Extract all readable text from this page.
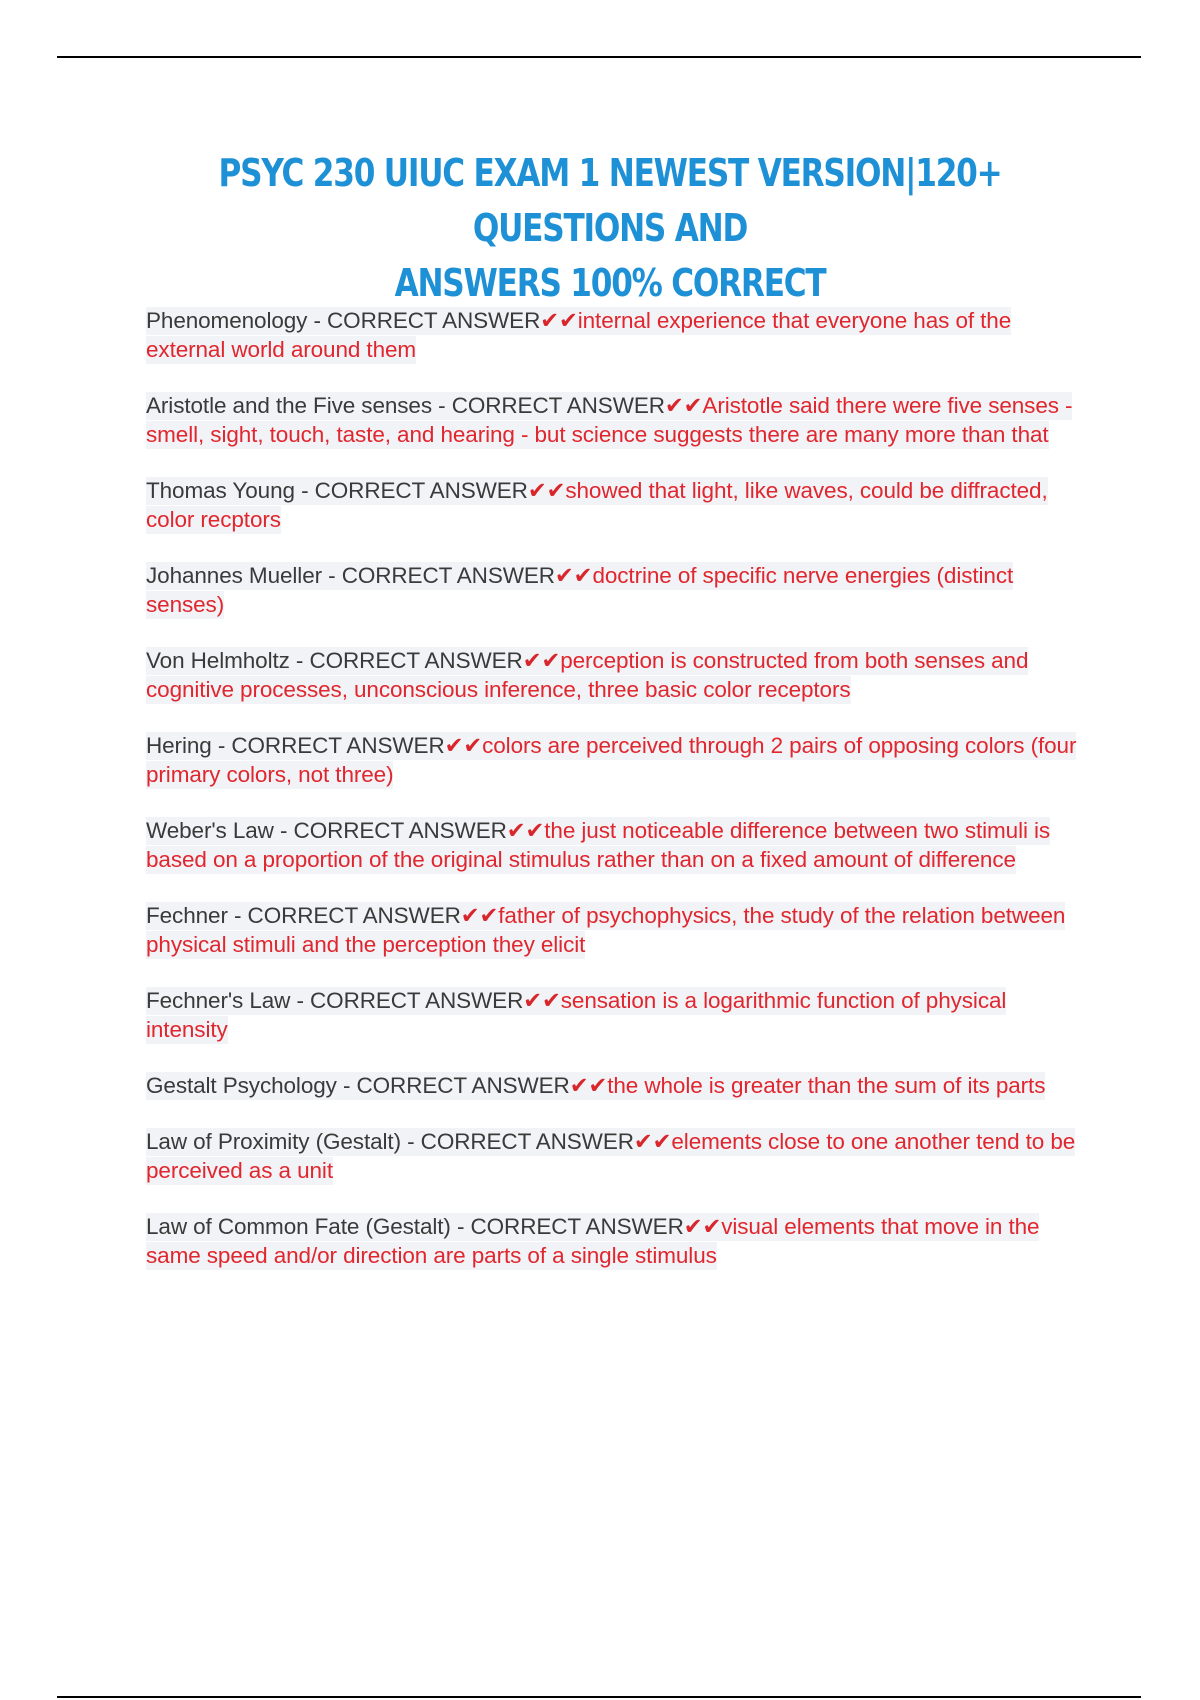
PSYC 230 UIUC EXAM 1 NEWEST VERSION|120+ QUESTIONS AND
ANSWERS 100% CORRECT

Phenomenology - CORRECT ANSWER✔✔internal experience that everyone has of the external world around them

Aristotle and the Five senses - CORRECT ANSWER✔✔Aristotle said there were five senses - smell, sight, touch, taste, and hearing - but science suggests there are many more than that

Thomas Young - CORRECT ANSWER✔✔showed that light, like waves, could be diffracted, color recptors

Johannes Mueller - CORRECT ANSWER✔✔doctrine of specific nerve energies (distinct senses)

Von Helmholtz - CORRECT ANSWER✔✔perception is constructed from both senses and cognitive processes, unconscious inference, three basic color receptors

Hering - CORRECT ANSWER✔✔colors are perceived through 2 pairs of opposing colors (four primary colors, not three)

Weber's Law - CORRECT ANSWER✔✔the just noticeable difference between two stimuli is based on a proportion of the original stimulus rather than on a fixed amount of difference

Fechner - CORRECT ANSWER✔✔father of psychophysics, the study of the relation between physical stimuli and the perception they elicit

Fechner's Law - CORRECT ANSWER✔✔sensation is a logarithmic function of physical intensity

Gestalt Psychology - CORRECT ANSWER✔✔the whole is greater than the sum of its parts

Law of Proximity (Gestalt) - CORRECT ANSWER✔✔elements close to one another tend to be perceived as a unit

Law of Common Fate (Gestalt) - CORRECT ANSWER✔✔visual elements that move in the same speed and/or direction are parts of a single stimulus
